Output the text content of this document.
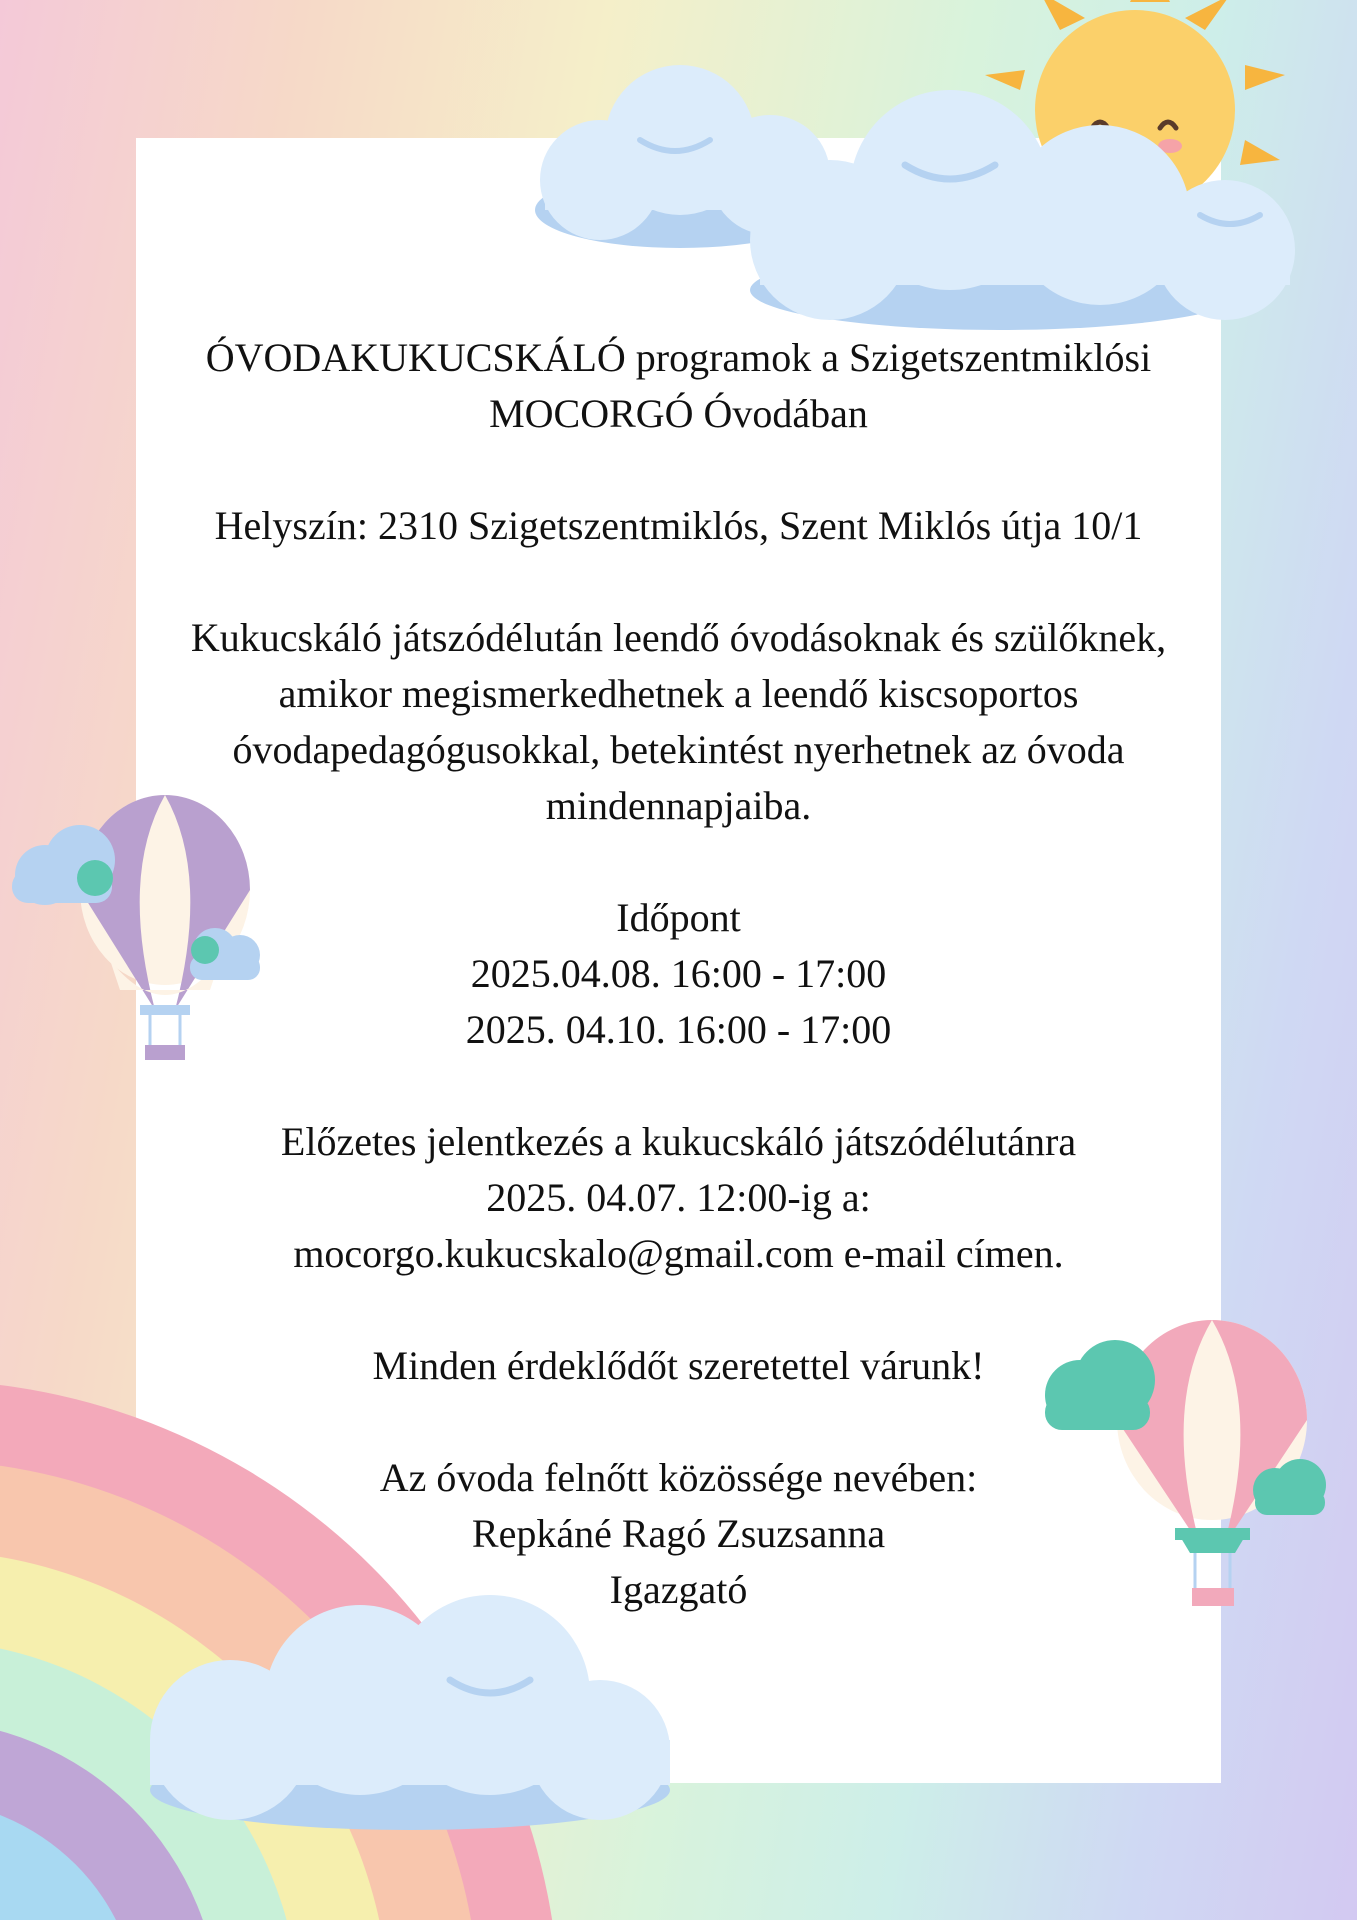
ÓVODAKUKUCSKÁLÓ programok a Szigetszentmiklósi

MOCORGÓ Óvodában

Helyszín: 2310 Szigetszentmiklós, Szent Miklós útja 10/1

Kukucskáló játszódélután leendő óvodásoknak és szülőknek,

amikor megismerkedhetnek a leendő kiscsoportos

óvodapedagógusokkal, betekintést nyerhetnek az óvoda

mindennapjaiba.

Időpont

2025.04.08. 16:00 - 17:00

2025. 04.10. 16:00 - 17:00

Előzetes jelentkezés a kukucskáló játszódélutánra

2025. 04.07. 12:00-ig a:

mocorgo.kukucskalo@gmail.com e-mail címen.

Minden érdeklődőt szeretettel várunk!

Az óvoda felnőtt közössége nevében:

Repkáné Ragó Zsuzsanna

Igazgató
